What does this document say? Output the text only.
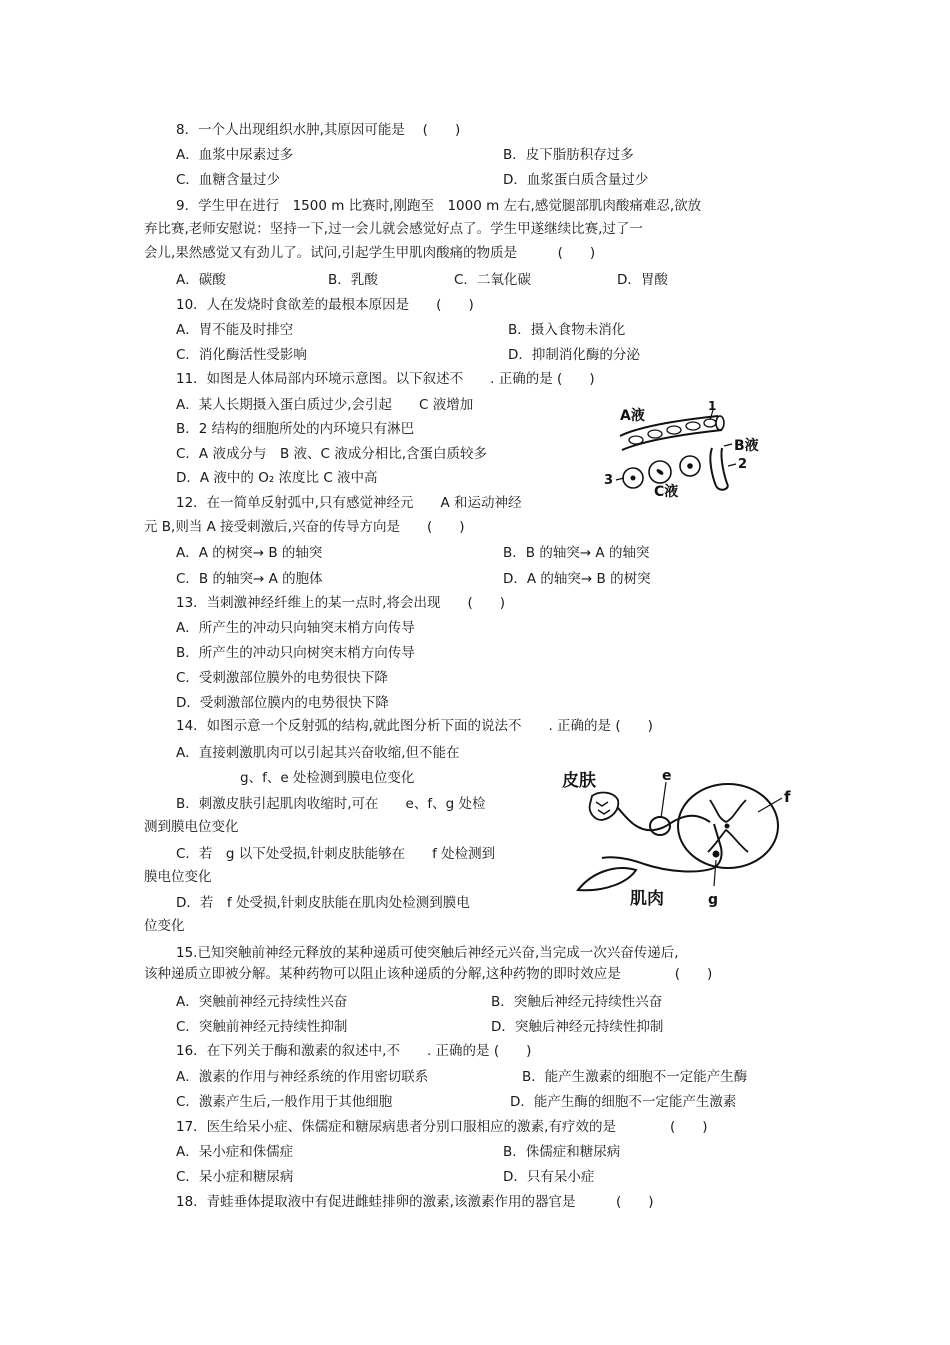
8．一个人出现组织水肿,其原因可能是　 (　　)
A．血浆中尿素过多	B．皮下脂肪积存过多
C．血糖含量过少	D．血浆蛋白质含量过少
9．学生甲在进行　1500 m 比赛时,刚跑至　1000 m 左右,感觉腿部肌肉酸痛难忍,欲放
弃比赛,老师安慰说：坚持一下,过一会儿就会感觉好点了。学生甲遂继续比赛,过了一
会儿,果然感觉又有劲儿了。试问,引起学生甲肌肉酸痛的物质是　　　(　　)
A．碳酸	B．乳酸	C．二氧化碳	D．胃酸
10．人在发烧时食欲差的最根本原因是　　(　　)
A．胃不能及时排空	B．摄入食物未消化
C．消化酶活性受影响	D．抑制消化酶的分泌
11．如图是人体局部内环境示意图。以下叙述不　　. 正确的是 (　　)
A．某人长期摄入蛋白质过少,会引起　　C 液增加
B．2 结构的细胞所处的内环境只有淋巴
C．A 液成分与　B 液、C 液成分相比,含蛋白质较多
D．A 液中的 O₂ 浓度比 C 液中高
A液
1
B液
2
3
C液
12．在一简单反射弧中,只有感觉神经元　　A 和运动神经
元 B,则当 A 接受刺激后,兴奋的传导方向是　　(　　)
A．A 的树突→ B 的轴突	B．B 的轴突→ A 的轴突
C．B 的轴突→ A 的胞体	D．A 的轴突→ B 的树突
13．当刺激神经纤维上的某一点时,将会出现　　(　　)
A．所产生的冲动只向轴突末梢方向传导
B．所产生的冲动只向树突末梢方向传导
C．受刺激部位膜外的电势很快下降
D．受刺激部位膜内的电势很快下降
14．如图示意一个反射弧的结构,就此图分析下面的说法不　　. 正确的是 (　　)
A．直接刺激肌肉可以引起其兴奋收缩,但不能在
g、f、e 处检测到膜电位变化
B．刺激皮肤引起肌肉收缩时,可在　　e、f、g 处检
测到膜电位变化
C．若　g 以下处受损,针刺皮肤能够在　　f 处检测到
膜电位变化
D．若　f 处受损,针刺皮肤能在肌肉处检测到膜电
位变化
皮肤	e
f
肌肉	g
15.已知突触前神经元释放的某种递质可使突触后神经元兴奋,当完成一次兴奋传递后,
该种递质立即被分解。某种药物可以阻止该种递质的分解,这种药物的即时效应是　　　　(　　)
A．突触前神经元持续性兴奋	B．突触后神经元持续性兴奋
C．突触前神经元持续性抑制	D．突触后神经元持续性抑制
16．在下列关于酶和激素的叙述中,不　　. 正确的是 (　　)
A．激素的作用与神经系统的作用密切联系	B．能产生激素的细胞不一定能产生酶
C．激素产生后,一般作用于其他细胞	D．能产生酶的细胞不一定能产生激素
17．医生给呆小症、侏儒症和糖尿病患者分别口服相应的激素,有疗效的是　　　　(　　)
A．呆小症和侏儒症	B．侏儒症和糖尿病
C．呆小症和糖尿病	D．只有呆小症
18．青蛙垂体提取液中有促进雌蛙排卵的激素,该激素作用的器官是　　　(　　)
